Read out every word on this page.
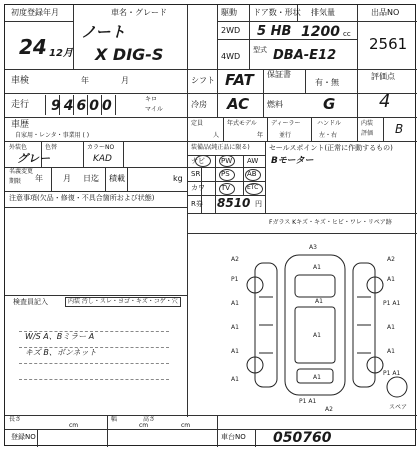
初度登録年月
24 12月
車名・グレード
ノート
X DIG-S
駆動
2WD
4WD
ドア数・形状
5 HB
型式 DBA-E12
排気量
1200 cc
出品NO
2561
車検	年	月	シフト FAT 保証書
有・無
評価点
4
走行 94600	キロ
マイル
冷房 AC 燃料	G
車歴
自家用・レンタ・事業用 ( )
定員
人
年式モデル
年
ディーラー
並行
ハンドル
左・右
内装
評価 B
外装色
グレー
色替	カラーNO
KAD
名義変更
期限	月
年	日迄 積載	kg
注意事項(欠品・修復・不具合箇所および状態)
装備品(純正品に限る)
ナビ PW AW
SR	PS AB
カワ TV	ETC
R券 8510 円
セールスポイント(正常に作動するもの)
Bモーター
検査員記入	内装 汚し・スレ・ヨゴ・キズ・コゲ・穴
W/S A、Bミラー A
キズ B、ボンネット
Fガラス Kキズ・キズ・ヒビ・ワレ・リペア跡
A3
A2
P1
A1
A1
A1
A1
A2
A1
P1 A1
A1
A1
P1 A1
A1
A1
A1
A1
P1 A1
A2	スペア
長さ
cm
幅
cm
高さ
cm
登録NO	車台NO 050760
